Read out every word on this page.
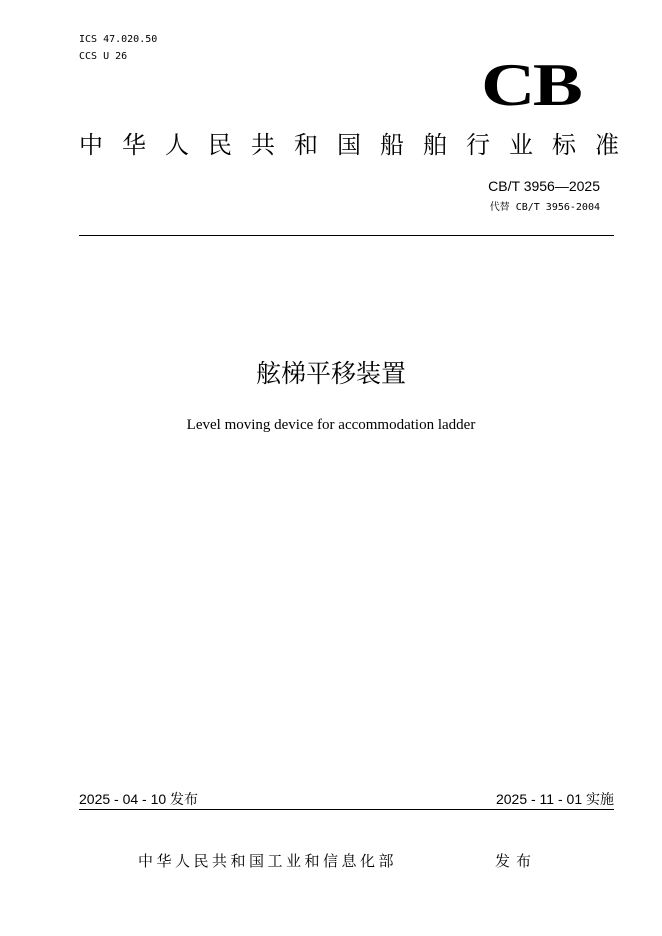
ICS 47.020.50
CCS U 26	CB
中 华 人 民 共 和 国 船 舶 行 业 标 准
CB/T 3956—2025
代替 CB/T 3956-2004
舷梯平移装置
Level moving device for accommodation ladder
2025 - 04 - 10 发布	2025 - 11 - 01 实施
中华人民共和国工业和信息化部	发布
